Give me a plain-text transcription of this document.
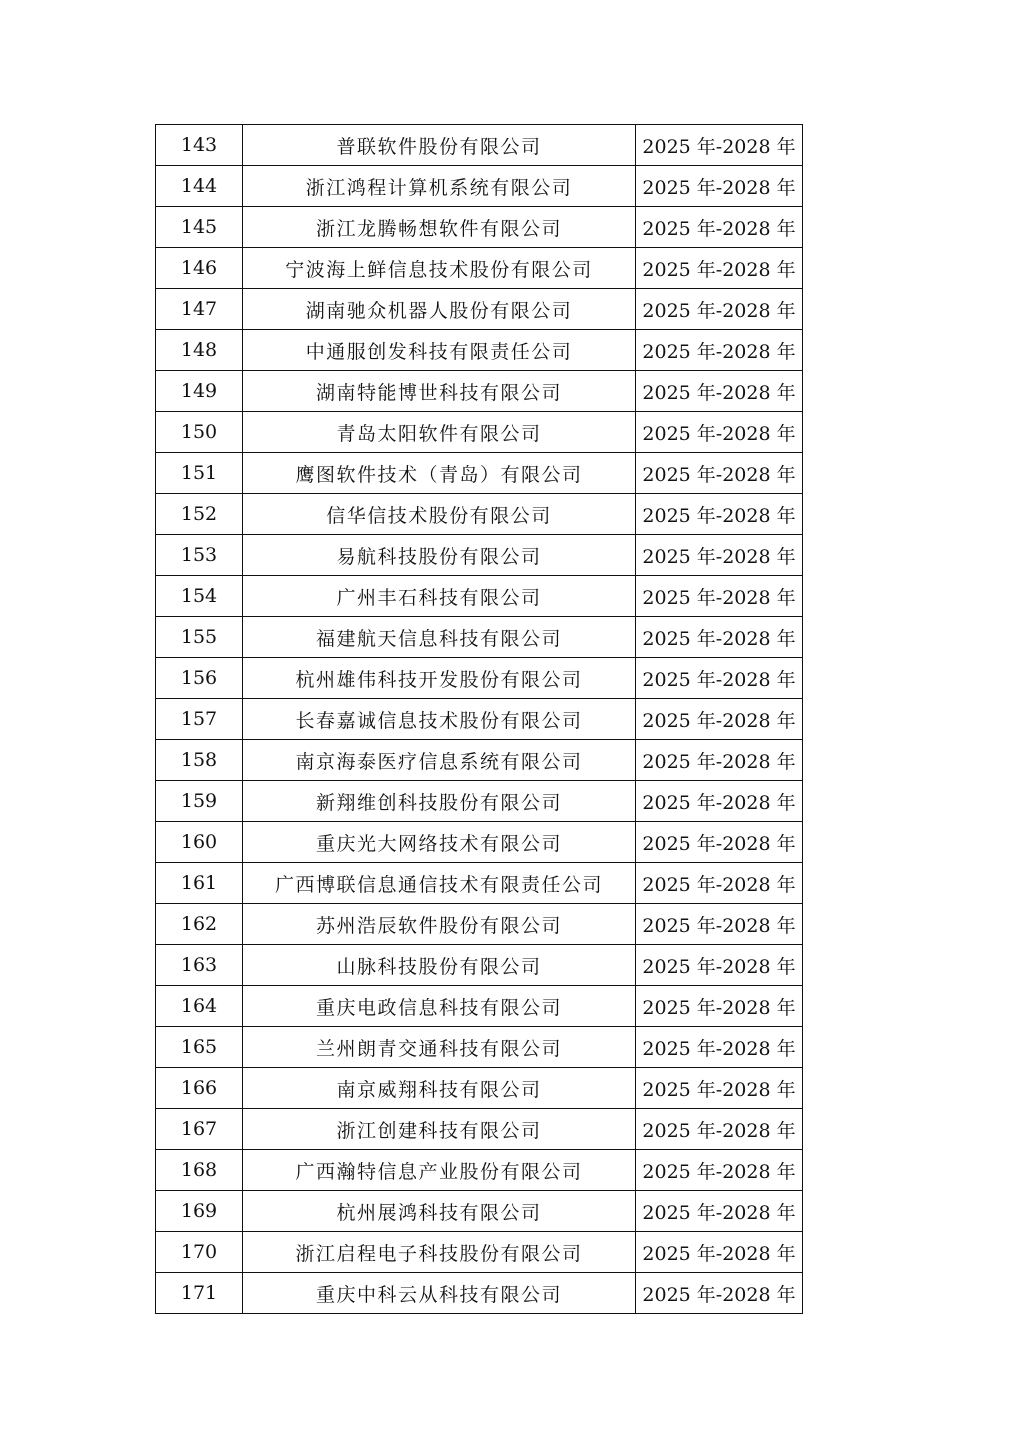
143	普联软件股份有限公司	2025 年-2028 年
144	浙江鸿程计算机系统有限公司	2025 年-2028 年
145	浙江龙腾畅想软件有限公司	2025 年-2028 年
146	宁波海上鲜信息技术股份有限公司	2025 年-2028 年
147	湖南驰众机器人股份有限公司	2025 年-2028 年
148	中通服创发科技有限责任公司	2025 年-2028 年
149	湖南特能博世科技有限公司	2025 年-2028 年
150	青岛太阳软件有限公司	2025 年-2028 年
151	鹰图软件技术（青岛）有限公司	2025 年-2028 年
152	信华信技术股份有限公司	2025 年-2028 年
153	易航科技股份有限公司	2025 年-2028 年
154	广州丰石科技有限公司	2025 年-2028 年
155	福建航天信息科技有限公司	2025 年-2028 年
156	杭州雄伟科技开发股份有限公司	2025 年-2028 年
157	长春嘉诚信息技术股份有限公司	2025 年-2028 年
158	南京海泰医疗信息系统有限公司	2025 年-2028 年
159	新翔维创科技股份有限公司	2025 年-2028 年
160	重庆光大网络技术有限公司	2025 年-2028 年
161	广西博联信息通信技术有限责任公司	2025 年-2028 年
162	苏州浩辰软件股份有限公司	2025 年-2028 年
163	山脉科技股份有限公司	2025 年-2028 年
164	重庆电政信息科技有限公司	2025 年-2028 年
165	兰州朗青交通科技有限公司	2025 年-2028 年
166	南京威翔科技有限公司	2025 年-2028 年
167	浙江创建科技有限公司	2025 年-2028 年
168	广西瀚特信息产业股份有限公司	2025 年-2028 年
169	杭州展鸿科技有限公司	2025 年-2028 年
170	浙江启程电子科技股份有限公司	2025 年-2028 年
171	重庆中科云从科技有限公司	2025 年-2028 年
